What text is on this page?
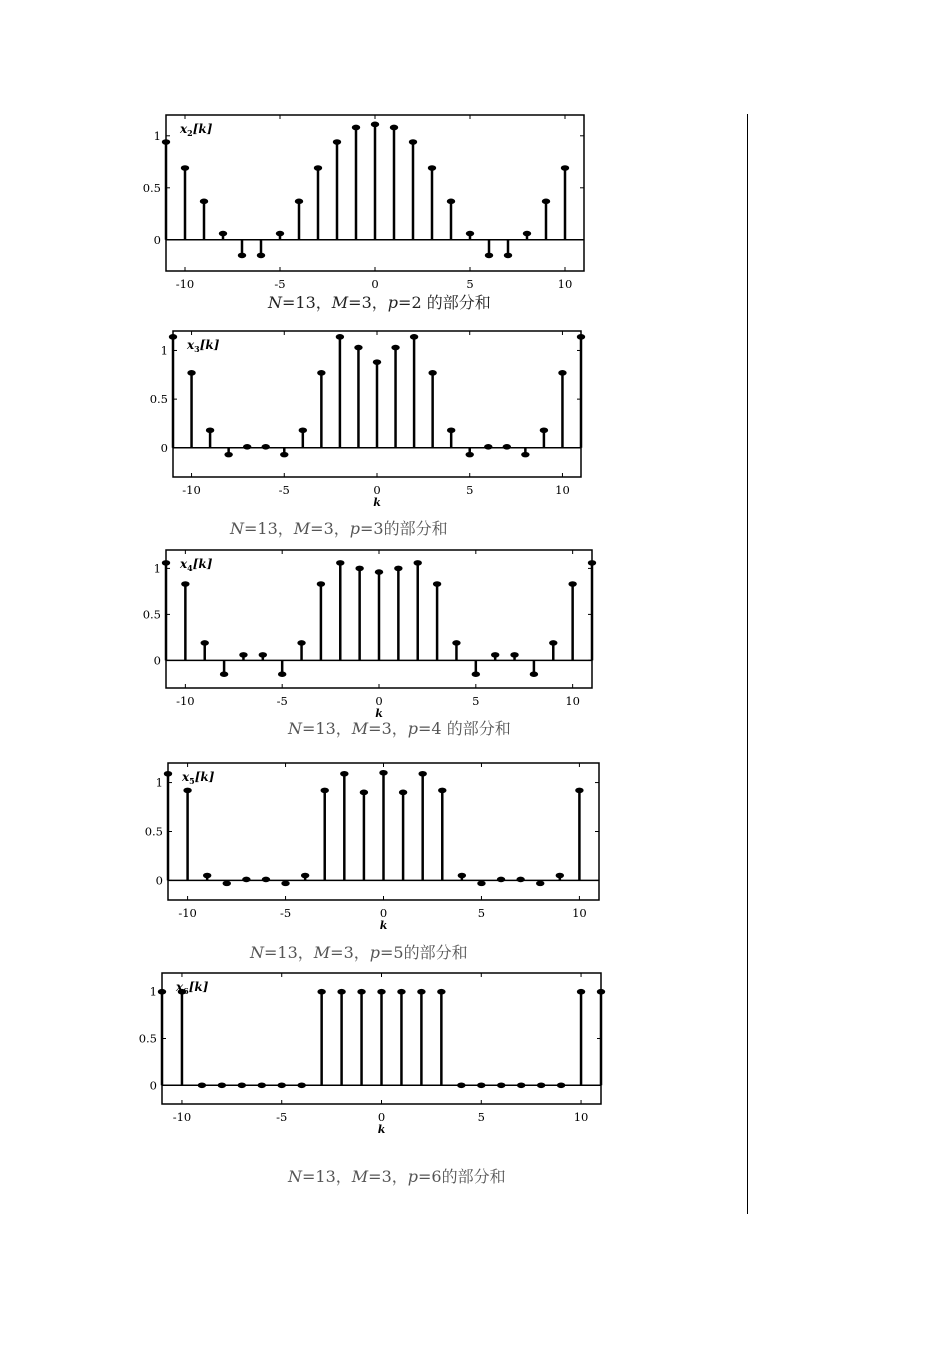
-10	-5	0	5	10
0
0.5
1 $x_2[k]$
N=13，M=3，p=2 的部分和
-10	-5	0	5	10
0
0.5
1 $x_3[k]$
k
N=13，M=3，p=3的部分和
-10	-5	0	5	10
0
0.5
1 $x_4[k]$
k
N=13，M=3，p=4 的部分和
-10	-5	0	5	10
0
0.5
1 $x_5[k]$
k
N=13，M=3，p=5的部分和
-10	-5	0	5	10
0
0.5
1 $x_6[k]$
k
N=13，M=3，p=6的部分和
